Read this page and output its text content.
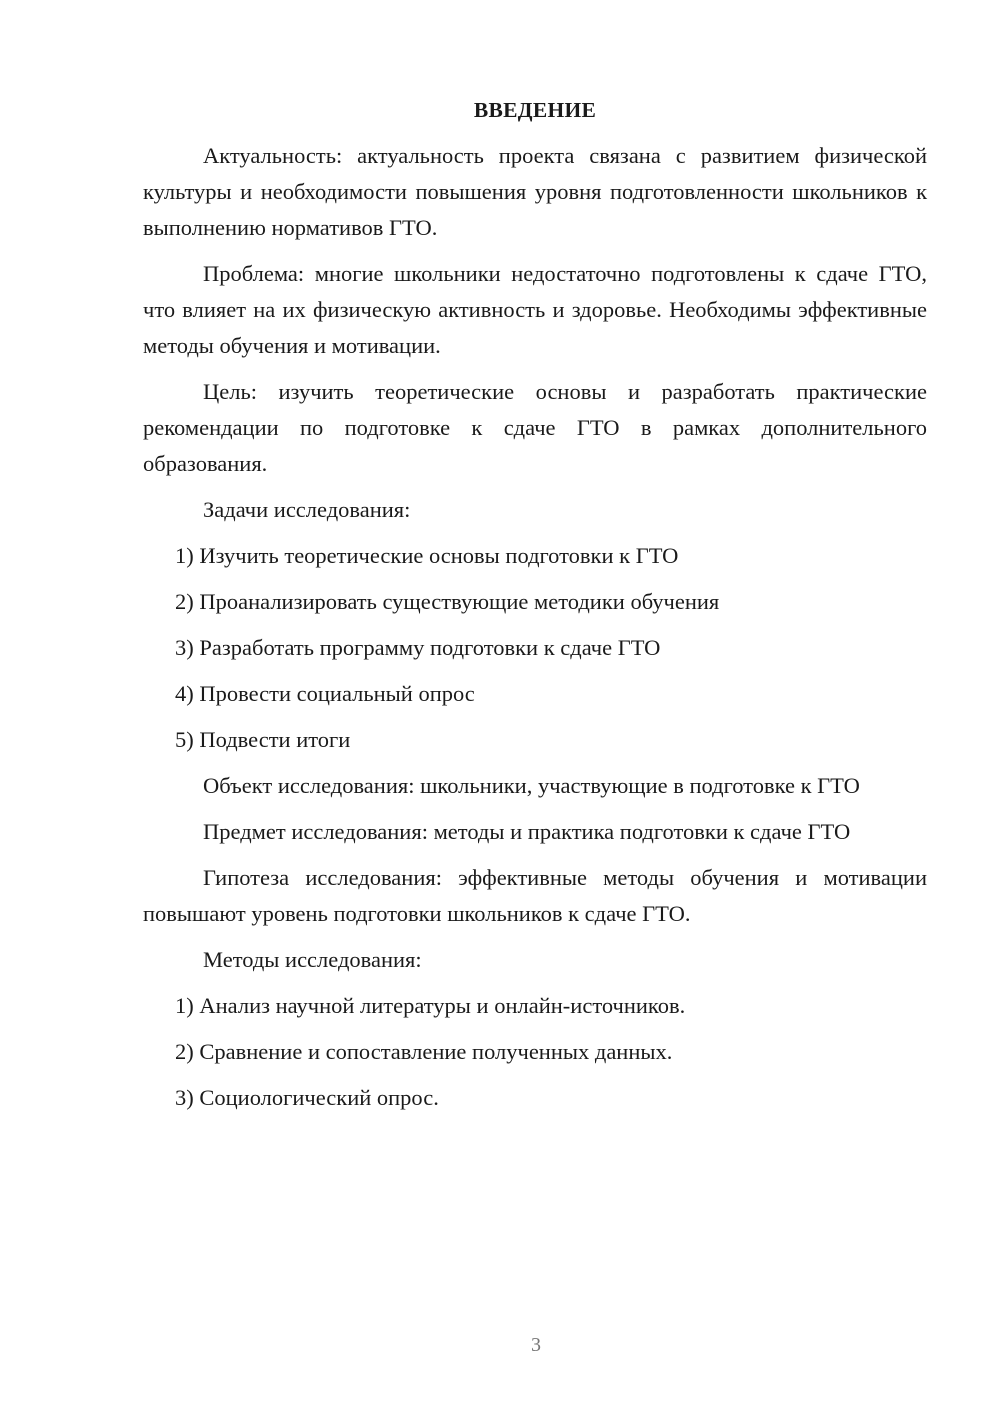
ВВЕДЕНИЕ

Актуальность: актуальность проекта связана с развитием физической культуры и необходимости повышения уровня подготовленности школьников к выполнению нормативов ГТО.

Проблема: многие школьники недостаточно подготовлены к сдаче ГТО, что влияет на их физическую активность и здоровье. Необходимы эффективные методы обучения и мотивации.

Цель: изучить теоретические основы и разработать практические рекомендации по подготовке к сдаче ГТО в рамках дополнительного образования.

Задачи исследования:

1) Изучить теоретические основы подготовки к ГТО
2) Проанализировать существующие методики обучения
3) Разработать программу подготовки к сдаче ГТО
4) Провести социальный опрос
5) Подвести итоги

Объект исследования: школьники, участвующие в подготовке к ГТО

Предмет исследования: методы и практика подготовки к сдаче ГТО

Гипотеза исследования: эффективные методы обучения и мотивации повышают уровень подготовки школьников к сдаче ГТО.

Методы исследования:

1) Анализ научной литературы и онлайн-источников.
2) Сравнение и сопоставление полученных данных.
3) Социологический опрос.
3
